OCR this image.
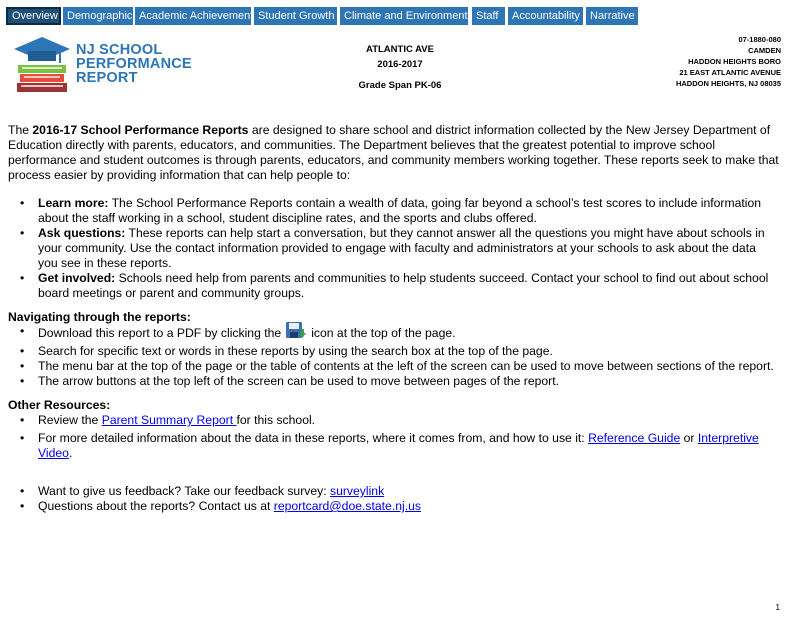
Overview Demographic Academic Achievement Student Growth Climate and Environment Staff	Accountability Narrative
NJ SCHOOL
PERFORMANCE
REPORT
ATLANTIC AVE
2016-2017
Grade Span PK-06
07-1880-080
CAMDEN
HADDON HEIGHTS BORO
21 EAST ATLANTIC AVENUE
HADDON HEIGHTS, NJ 08035
The 2016-17 School Performance Reports are designed to share school and district information collected by the New Jersey Department of Education directly with parents, educators, and communities. The Department believes that the greatest potential to improve school performance and student outcomes is through parents, educators, and community members working together. These reports seek to make that process easier by providing information that can help people to:
• Learn more: The School Performance Reports contain a wealth of data, going far beyond a school’s test scores to include information about the staff working in a school, student discipline rates, and the sports and clubs offered.
• Ask questions: These reports can help start a conversation, but they cannot answer all the questions you might have about schools in your community. Use the contact information provided to engage with faculty and administrators at your schools to ask about the data you see in these reports.
• Get involved: Schools need help from parents and communities to help students succeed. Contact your school to find out about school board meetings or parent and community groups.
Navigating through the reports:
• Download this report to a PDF by clicking the icon at the top of the page.
• Search for specific text or words in these reports by using the search box at the top of the page.
• The menu bar at the top of the page or the table of contents at the left of the screen can be used to move between sections of the report.
• The arrow buttons at the top left of the screen can be used to move between pages of the report.
Other Resources:
• Review the Parent Summary Report for this school.
• For more detailed information about the data in these reports, where it comes from, and how to use it: Reference Guide or Interpretive Video.
• Want to give us feedback? Take our feedback survey: surveylink
• Questions about the reports? Contact us at reportcard@doe.state.nj.us
1
